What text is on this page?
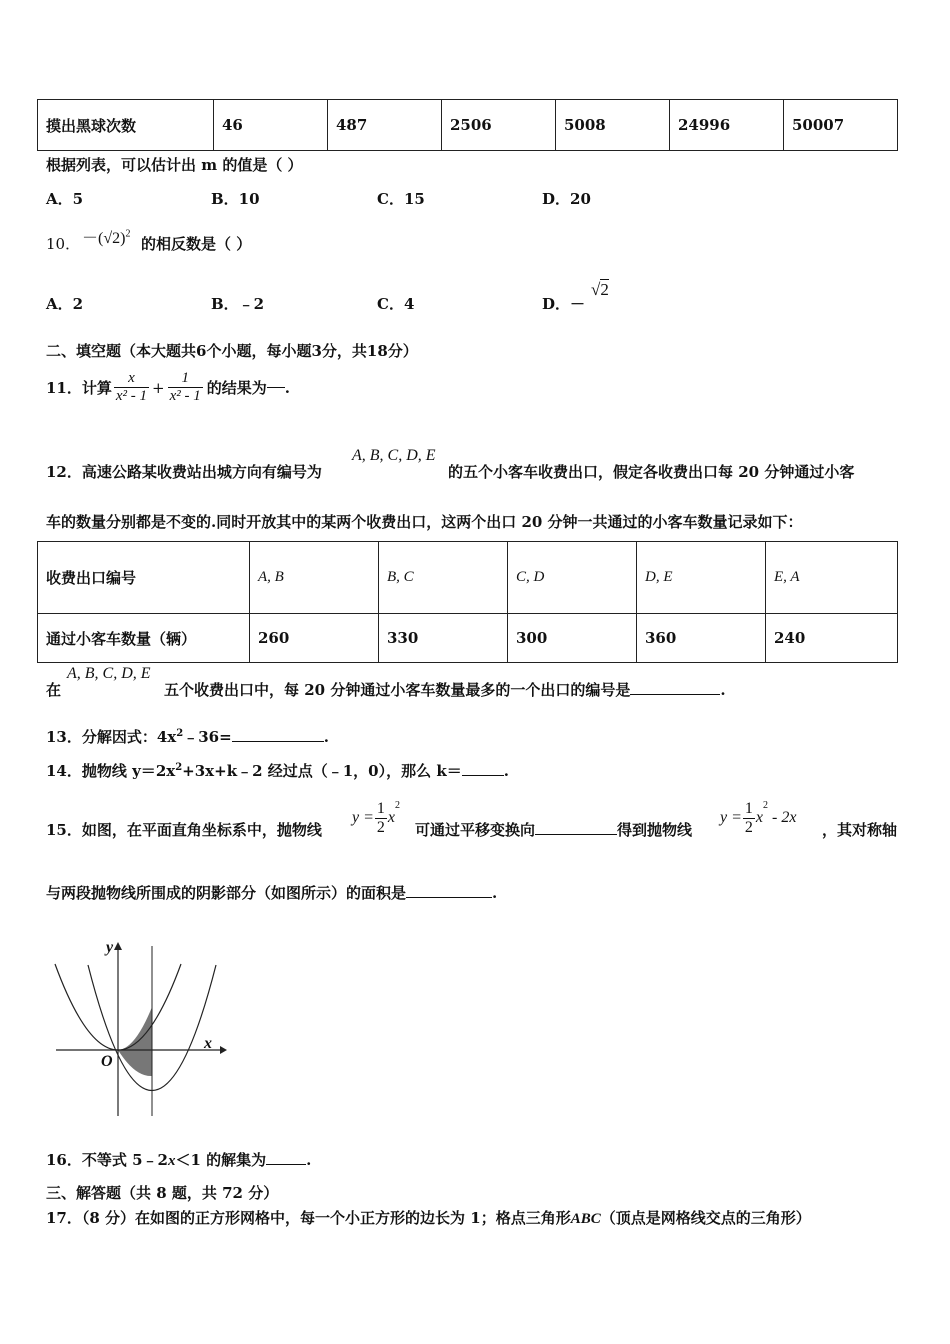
摸出黑球次数	46	487	2506	5008	24996	50007
根据列表，可以估计出 m 的值是（ ）
A．5	B．10	C．15	D．20
10． $-(√2)^2$
的相反数是（ ）
A．2	B．﹣2	C．4	D．－
√2
二、填空题（本大题共6个小题，每小题3分，共18分）
11．计算 $\frac{x}{\text{x² - 1}} + \frac{1}{\text{x² - 1}}$ 的结果为 .
12．高速公路某收费站出城方向有编号为
A, B, C, D, E
的五个小客车收费出口，假定各收费出口每 20 分钟通过小客
车的数量分别都是不变的.同时开放其中的某两个收费出口，这两个出口 20 分钟一共通过的小客车数量记录如下：
收费出口编号	A, B	B, C	C, D	D, E	E, A
通过小客车数量（辆）	260	330	300	360	240
在
A, B, C, D, E
五个收费出口中，每 20 分钟通过小客车数量最多的一个出口的编号是	.
13．分解因式：$4x^2﹣36=$	.
14．抛物线 $y=2x^2+3x+k﹣2$ 经过点（﹣1，0），那么 k＝	.
15．如图，在平面直角坐标系中，抛物线
$y = \frac{1}{2}$ x
$^2$
可通过平移变换向	得到抛物线
$y = \frac{1}{2}$ x
$^2$
- 2x
，其对称轴
与两段抛物线所围成的阴影部分（如图所示）的面积是	.
y
x
O
16．不等式 5﹣2x＜1 的解集为	.
三、解答题（共 8 题，共 72 分）
17．（8 分）在如图的正方形网格中，每一个小正方形的边长为 1；格点三角形ABC（顶点是网格线交点的三角形）
